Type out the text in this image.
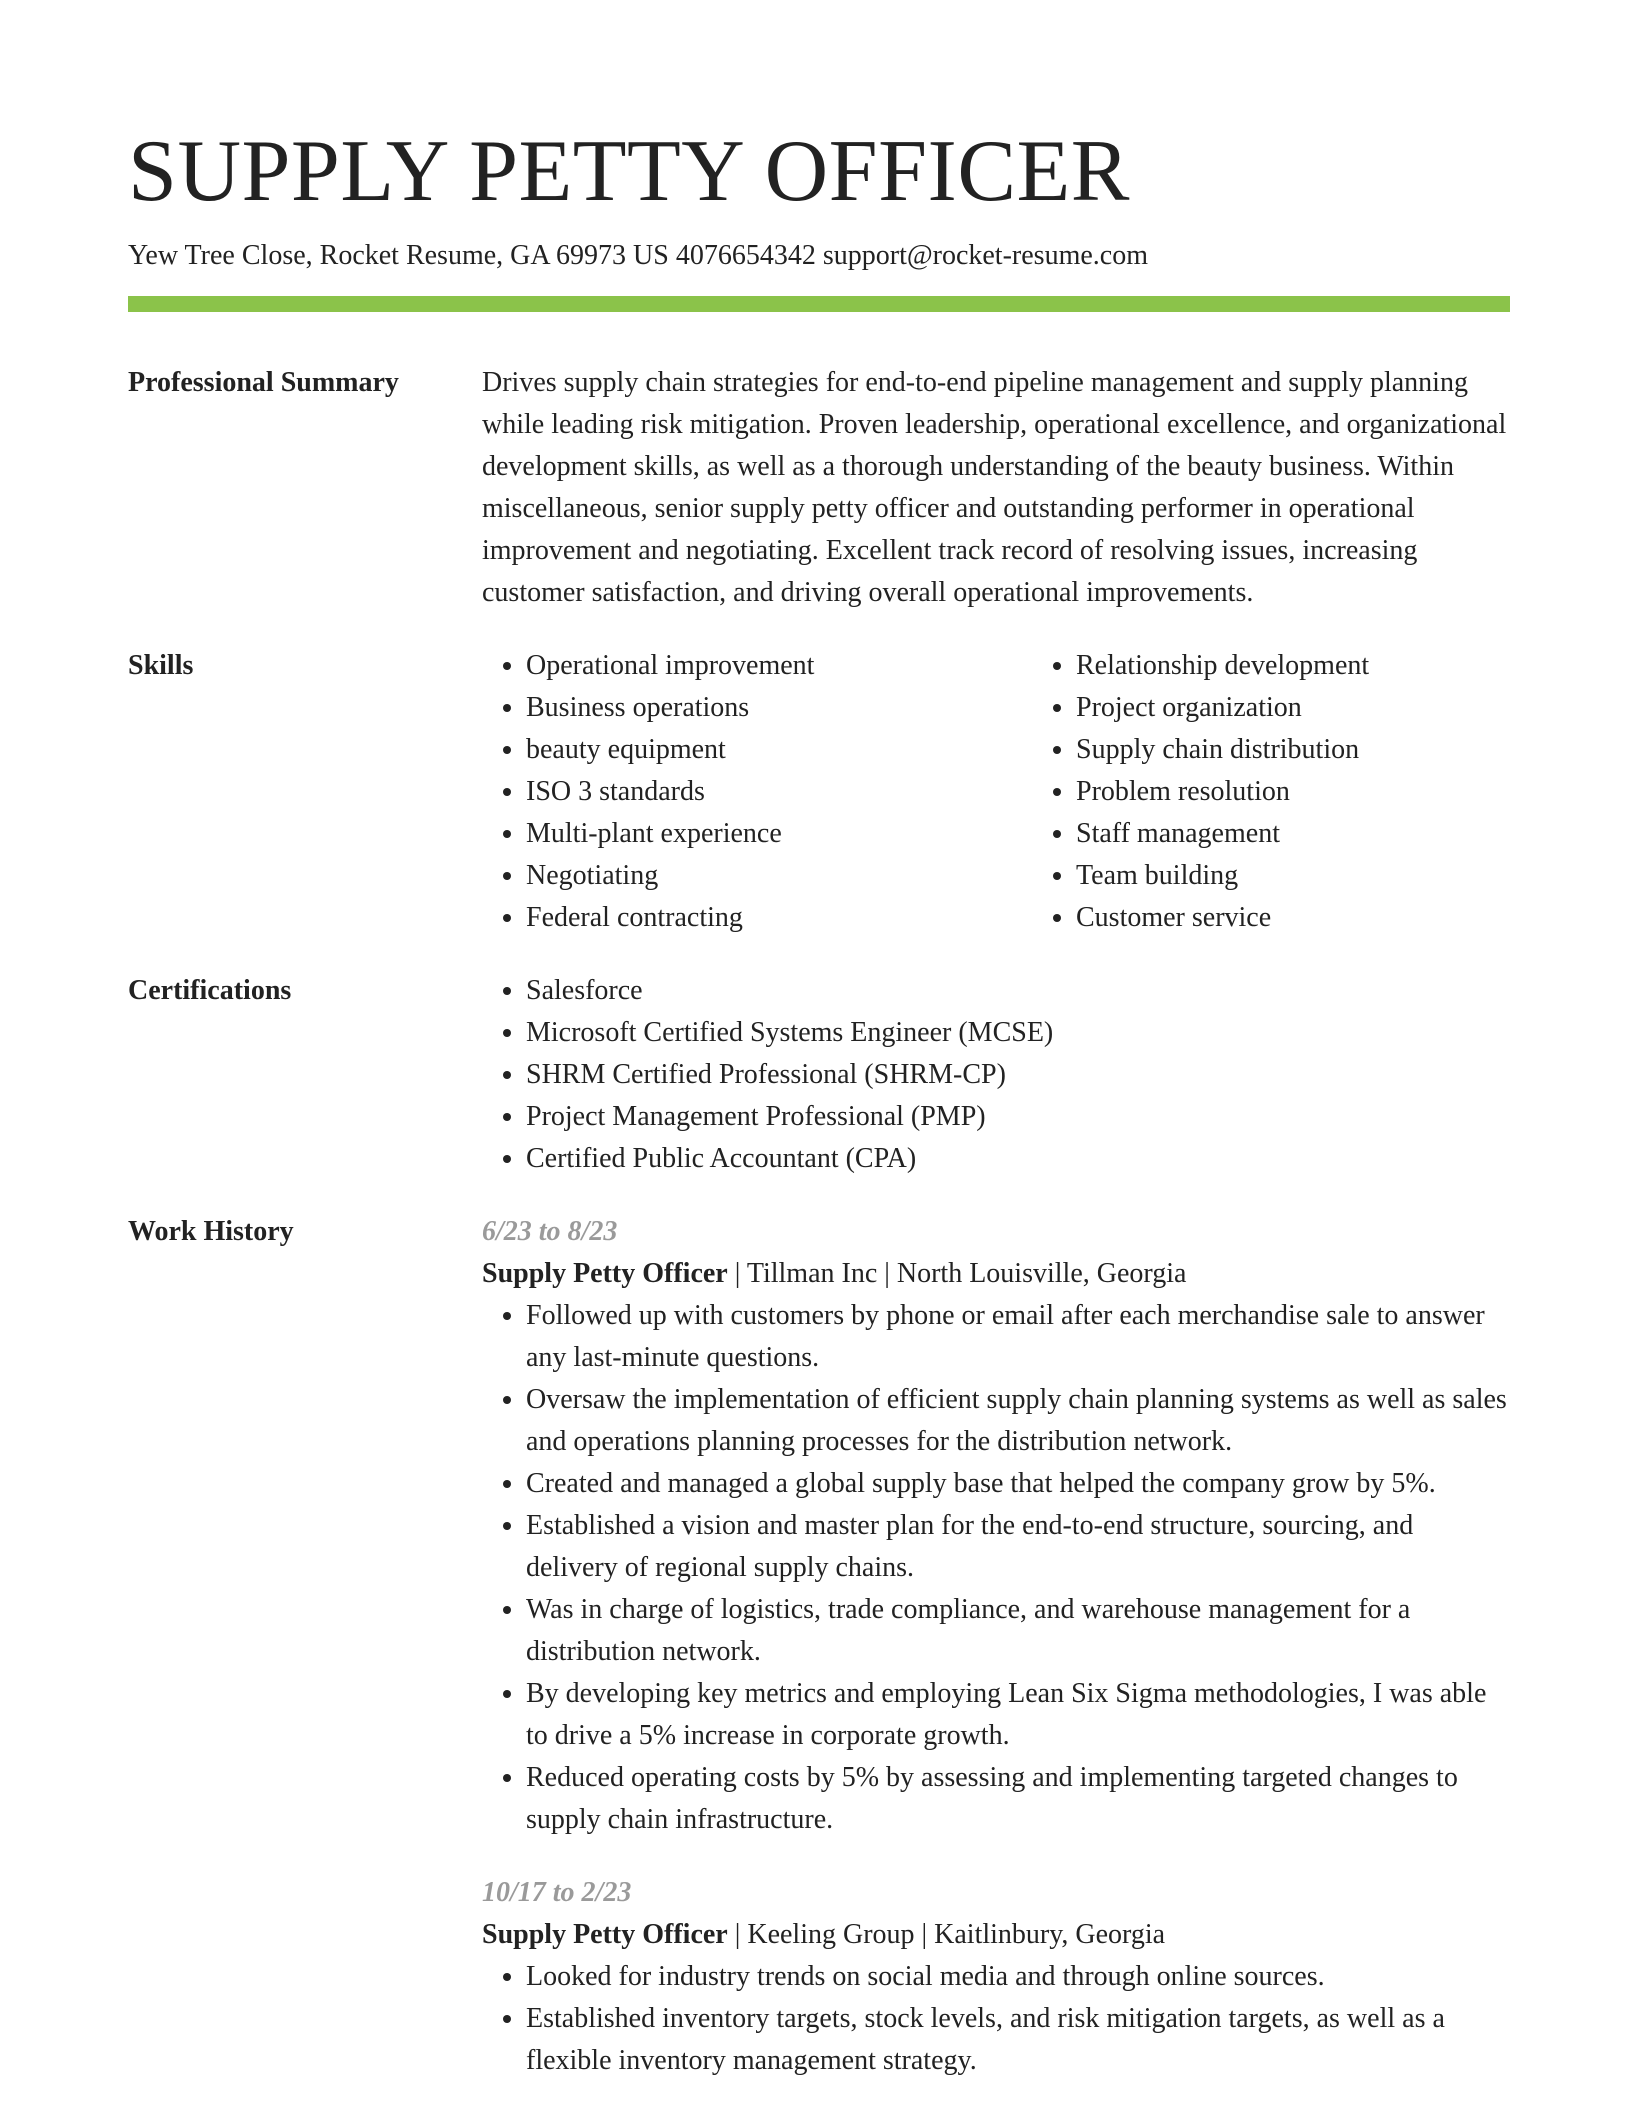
SUPPLY PETTY OFFICER
Yew Tree Close, Rocket Resume, GA 69973 US 4076654342 support@rocket-resume.com
Professional Summary	Drives supply chain strategies for end-to-end pipeline management and supply planning while leading risk mitigation. Proven leadership, operational excellence, and organizational development skills, as well as a thorough understanding of the beauty business. Within miscellaneous, senior supply petty officer and outstanding performer in operational improvement and negotiating. Excellent track record of resolving issues, increasing customer satisfaction, and driving overall operational improvements.

Skills	• Operational improvement
• Business operations
• beauty equipment
• ISO 3 standards
• Multi-plant experience
• Negotiating
• Federal contracting
• Relationship development
• Project organization
• Supply chain distribution
• Problem resolution
• Staff management
• Team building
• Customer service
Certifications	• Salesforce
• Microsoft Certified Systems Engineer (MCSE)
• SHRM Certified Professional (SHRM-CP)
• Project Management Professional (PMP)
• Certified Public Accountant (CPA)
Work History	6/23 to 8/23
Supply Petty Officer | Tillman Inc | North Louisville, Georgia
• Followed up with customers by phone or email after each merchandise sale to answer any last-minute questions.
• Oversaw the implementation of efficient supply chain planning systems as well as sales and operations planning processes for the distribution network.
• Created and managed a global supply base that helped the company grow by 5%.
• Established a vision and master plan for the end-to-end structure, sourcing, and delivery of regional supply chains.
• Was in charge of logistics, trade compliance, and warehouse management for a distribution network.
• By developing key metrics and employing Lean Six Sigma methodologies, I was able to drive a 5% increase in corporate growth.
• Reduced operating costs by 5% by assessing and implementing targeted changes to supply chain infrastructure.
10/17 to 2/23
Supply Petty Officer | Keeling Group | Kaitlinbury, Georgia
• Looked for industry trends on social media and through online sources.
• Established inventory targets, stock levels, and risk mitigation targets, as well as a flexible inventory management strategy.
